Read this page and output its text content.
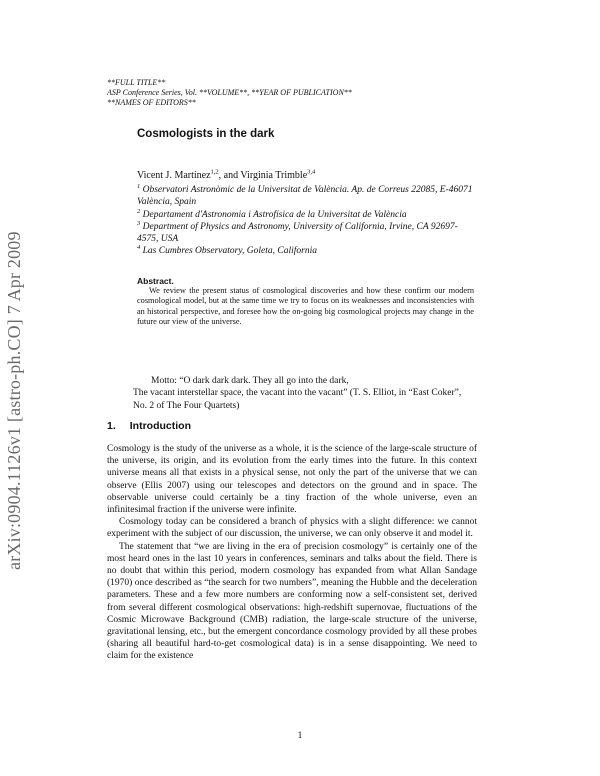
arXiv:0904.1126v1 [astro-ph.CO] 7 Apr 2009
**FULL TITLE**
ASP Conference Series, Vol. **VOLUME**, **YEAR OF PUBLICATION**
**NAMES OF EDITORS**
Cosmologists in the dark
Vicent J. Martínez$^{1,2}$, and Virginia Trimble$^{3,4}$

$^1$ Observatori Astronòmic de la Universitat de València. Ap. de Correus 22085, E-46071 València, Spain

$^2$ Departament d'Astronomia i Astrofísica de la Universitat de València

$^3$ Department of Physics and Astronomy, University of California, Irvine, CA 92697-4575, USA

$^4$ Las Cumbres Observatory, Goleta, California

Abstract.
We review the present status of cosmological discoveries and how these confirm our modern cosmological model, but at the same time we try to focus on its weaknesses and inconsistencies with an historical perspective, and foresee how the on-going big cosmological projects may change in the future our view of the universe.
Motto: “O dark dark dark. They all go into the dark,
The vacant interstellar space, the vacant into the vacant” (T. S. Elliot, in “East Coker”, No. 2 of The Four Quartets)
1. Introduction

Cosmology is the study of the universe as a whole, it is the science of the large-scale structure of the universe, its origin, and its evolution from the early times into the future. In this context universe means all that exists in a physical sense, not only the part of the universe that we can observe (Ellis 2007) using our telescopes and detectors on the ground and in space. The observable universe could certainly be a tiny fraction of the whole universe, even an infinitesimal fraction if the universe were infinite.

Cosmology today can be considered a branch of physics with a slight difference: we cannot experiment with the subject of our discussion, the universe, we can only observe it and model it.

The statement that “we are living in the era of precision cosmology” is certainly one of the most heard ones in the last 10 years in conferences, seminars and talks about the field. There is no doubt that within this period, modern cosmology has expanded from what Allan Sandage (1970) once described as “the search for two numbers”, meaning the Hubble and the deceleration parameters. These and a few more numbers are conforming now a self-consistent set, derived from several different cosmological observations: high-redshift supernovae, fluctuations of the Cosmic Microwave Background (CMB) radiation, the large-scale structure of the universe, gravitational lensing, etc., but the emergent concordance cosmology provided by all these probes (sharing all beautiful hard-to-get cosmological data) is in a sense disappointing. We need to claim for the existence

1
